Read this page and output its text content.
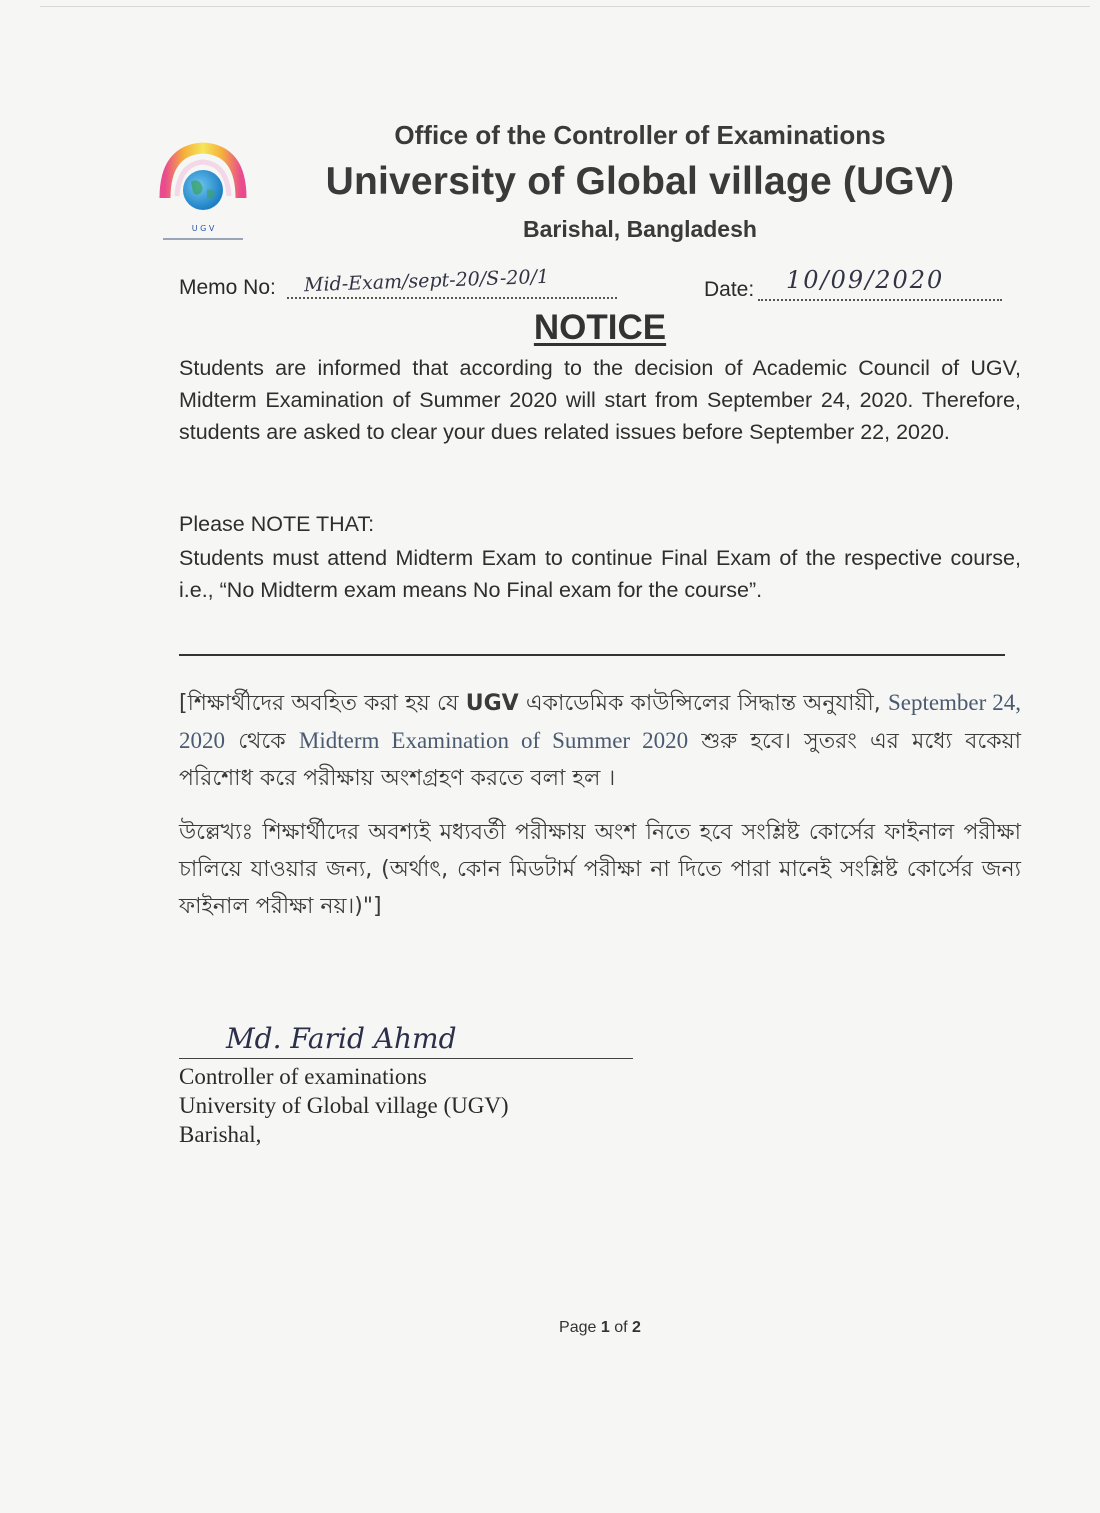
U G V
Office of the Controller of Examinations
University of Global village (UGV)
Barishal, Bangladesh
Memo No: Mid-Exam/sept-20/S-20/1	Date: 10/09/2020
NOTICE
Students are informed that according to the decision of Academic Council of UGV, Midterm Examination of Summer 2020 will start from September 24, 2020. Therefore, students are asked to clear your dues related issues before September 22, 2020.
Please NOTE THAT:
Students must attend Midterm Exam to continue Final Exam of the respective course, i.e., “No Midterm exam means No Final exam for the course”.
[শিক্ষার্থীদের অবহিত করা হয় যে UGV একাডেমিক কাউন্সিলের সিদ্ধান্ত অনুযায়ী, September 24, 2020 থেকে Midterm Examination of Summer 2020 শুরু হবে। সুতরং এর মধ্যে বকেয়া পরিশোধ করে পরীক্ষায় অংশগ্রহণ করতে বলা হল ।
উল্লেখ্যঃ শিক্ষার্থীদের অবশ্যই মধ্যবর্তী পরীক্ষায় অংশ নিতে হবে সংশ্লিষ্ট কোর্সের ফাইনাল পরীক্ষা চালিয়ে যাওয়ার জন্য, (অর্থাৎ, কোন মিডটার্ম পরীক্ষা না দিতে পারা মানেই সংশ্লিষ্ট কোর্সের জন্য ফাইনাল পরীক্ষা নয়।)"]
Md. Farid Ahmd
Controller of examinations
University of Global village (UGV)
Barishal,
Page 1 of 2
